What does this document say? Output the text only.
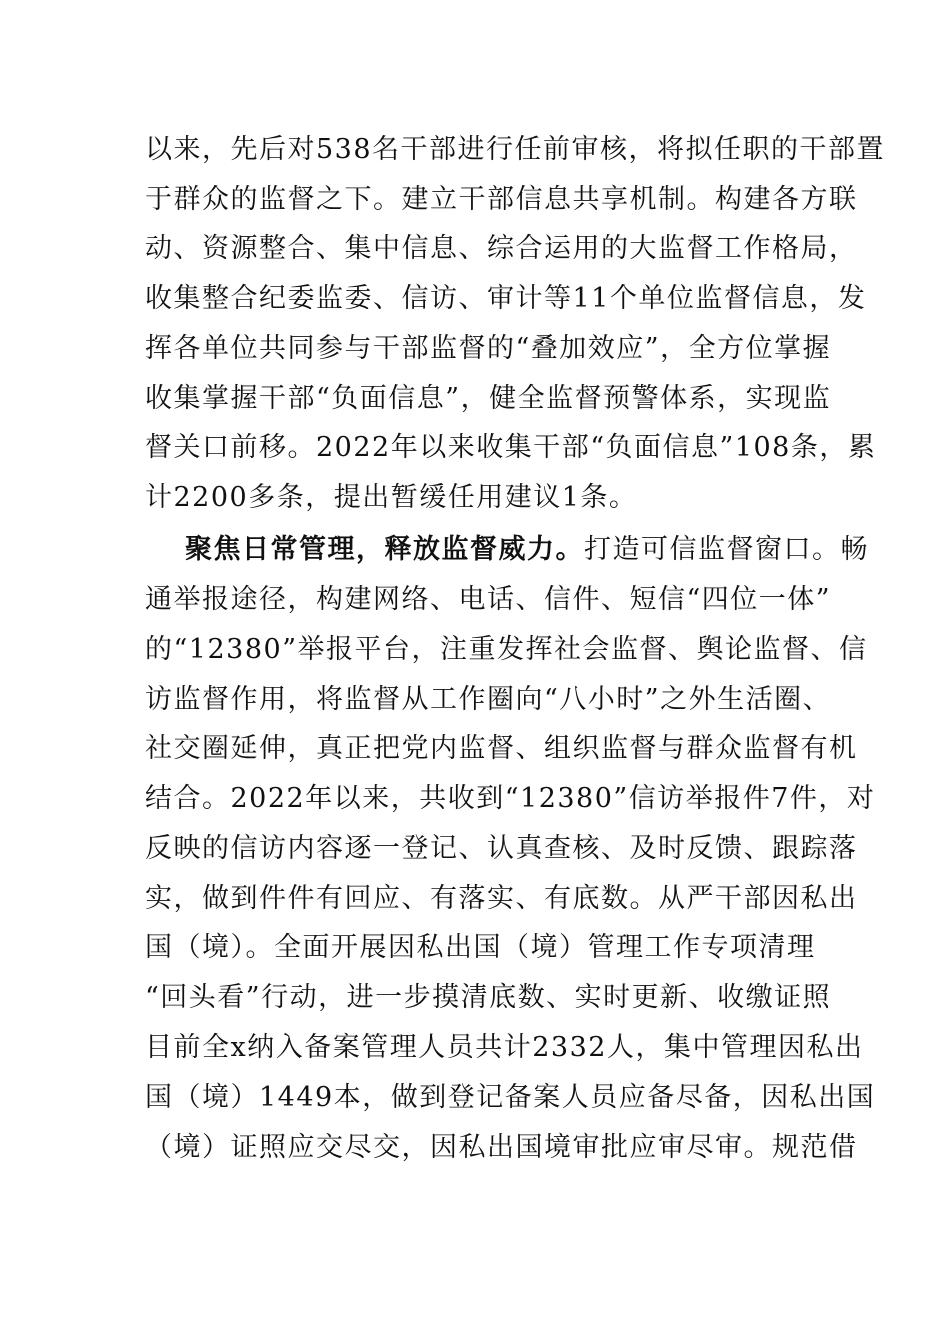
以来，先后对538名干部进行任前审核，将拟任职的干部置
于群众的监督之下。建立干部信息共享机制。构建各方联
动、资源整合、集中信息、综合运用的大监督工作格局，
收集整合纪委监委、信访、审计等11个单位监督信息，发
挥各单位共同参与干部监督的“叠加效应”，全方位掌握
收集掌握干部“负面信息”，健全监督预警体系，实现监
督关口前移。2022年以来收集干部“负面信息”108条，累
计2200多条，提出暂缓任用建议1条。
聚焦日常管理，释放监督威力。打造可信监督窗口。畅
通举报途径，构建网络、电话、信件、短信“四位一体”
的“12380”举报平台，注重发挥社会监督、舆论监督、信
访监督作用，将监督从工作圈向“八小时”之外生活圈、
社交圈延伸，真正把党内监督、组织监督与群众监督有机
结合。2022年以来，共收到“12380”信访举报件7件，对
反映的信访内容逐一登记、认真查核、及时反馈、跟踪落
实，做到件件有回应、有落实、有底数。从严干部因私出
国（境）。全面开展因私出国（境）管理工作专项清理
“回头看”行动，进一步摸清底数、实时更新、收缴证照
目前全x纳入备案管理人员共计2332人，集中管理因私出
国（境）1449本，做到登记备案人员应备尽备，因私出国
（境）证照应交尽交，因私出国境审批应审尽审。规范借
